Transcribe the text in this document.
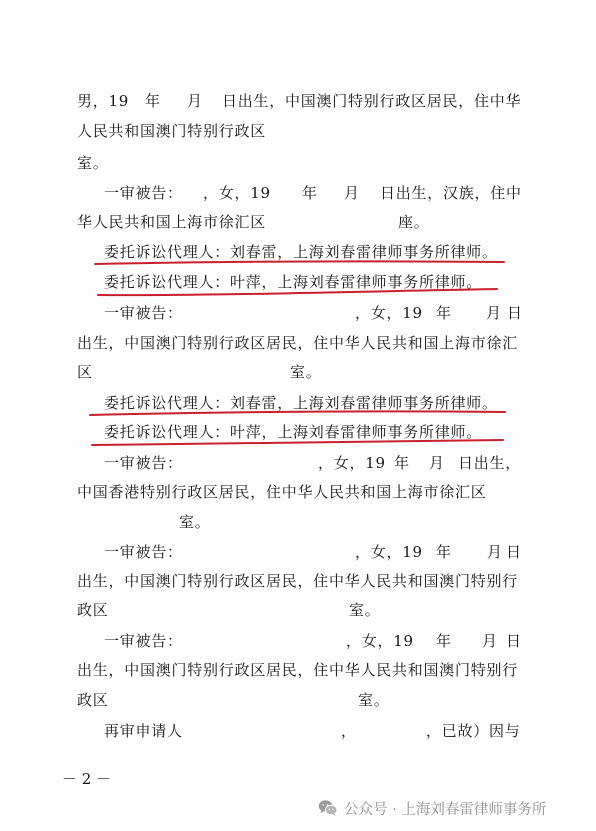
男，19 年 月 日出生，中国澳门特别行政区居民，住中华
人民共和国澳门特别行政区
室。
一审被告： ，女，19 年 月 日出生，汉族，住中
华人民共和国上海市徐汇区	座。
委托诉讼代理人：刘春雷，上海刘春雷律师事务所律师。
委托诉讼代理人：叶萍，上海刘春雷律师事务所律师。
一审被告：	，女，19 年 月 日
出生，中国澳门特别行政区居民，住中华人民共和国上海市徐汇
区	室。
委托诉讼代理人：刘春雷，上海刘春雷律师事务所律师。
委托诉讼代理人：叶萍，上海刘春雷律师事务所律师。
一审被告：	，女，19 年 月 日出生，
中国香港特别行政区居民，住中华人民共和国上海市徐汇区
室。
一审被告：	，女，19 年 月 日
出生，中国澳门特别行政区居民，住中华人民共和国澳门特别行
政区	室。
一审被告：	，女，19 年 月 日
出生，中国澳门特别行政区居民，住中华人民共和国澳门特别行
政区	室。
再审申请人	，	，已故）因与
－ 2 －
公众号 · 上海刘春雷律师事务所
